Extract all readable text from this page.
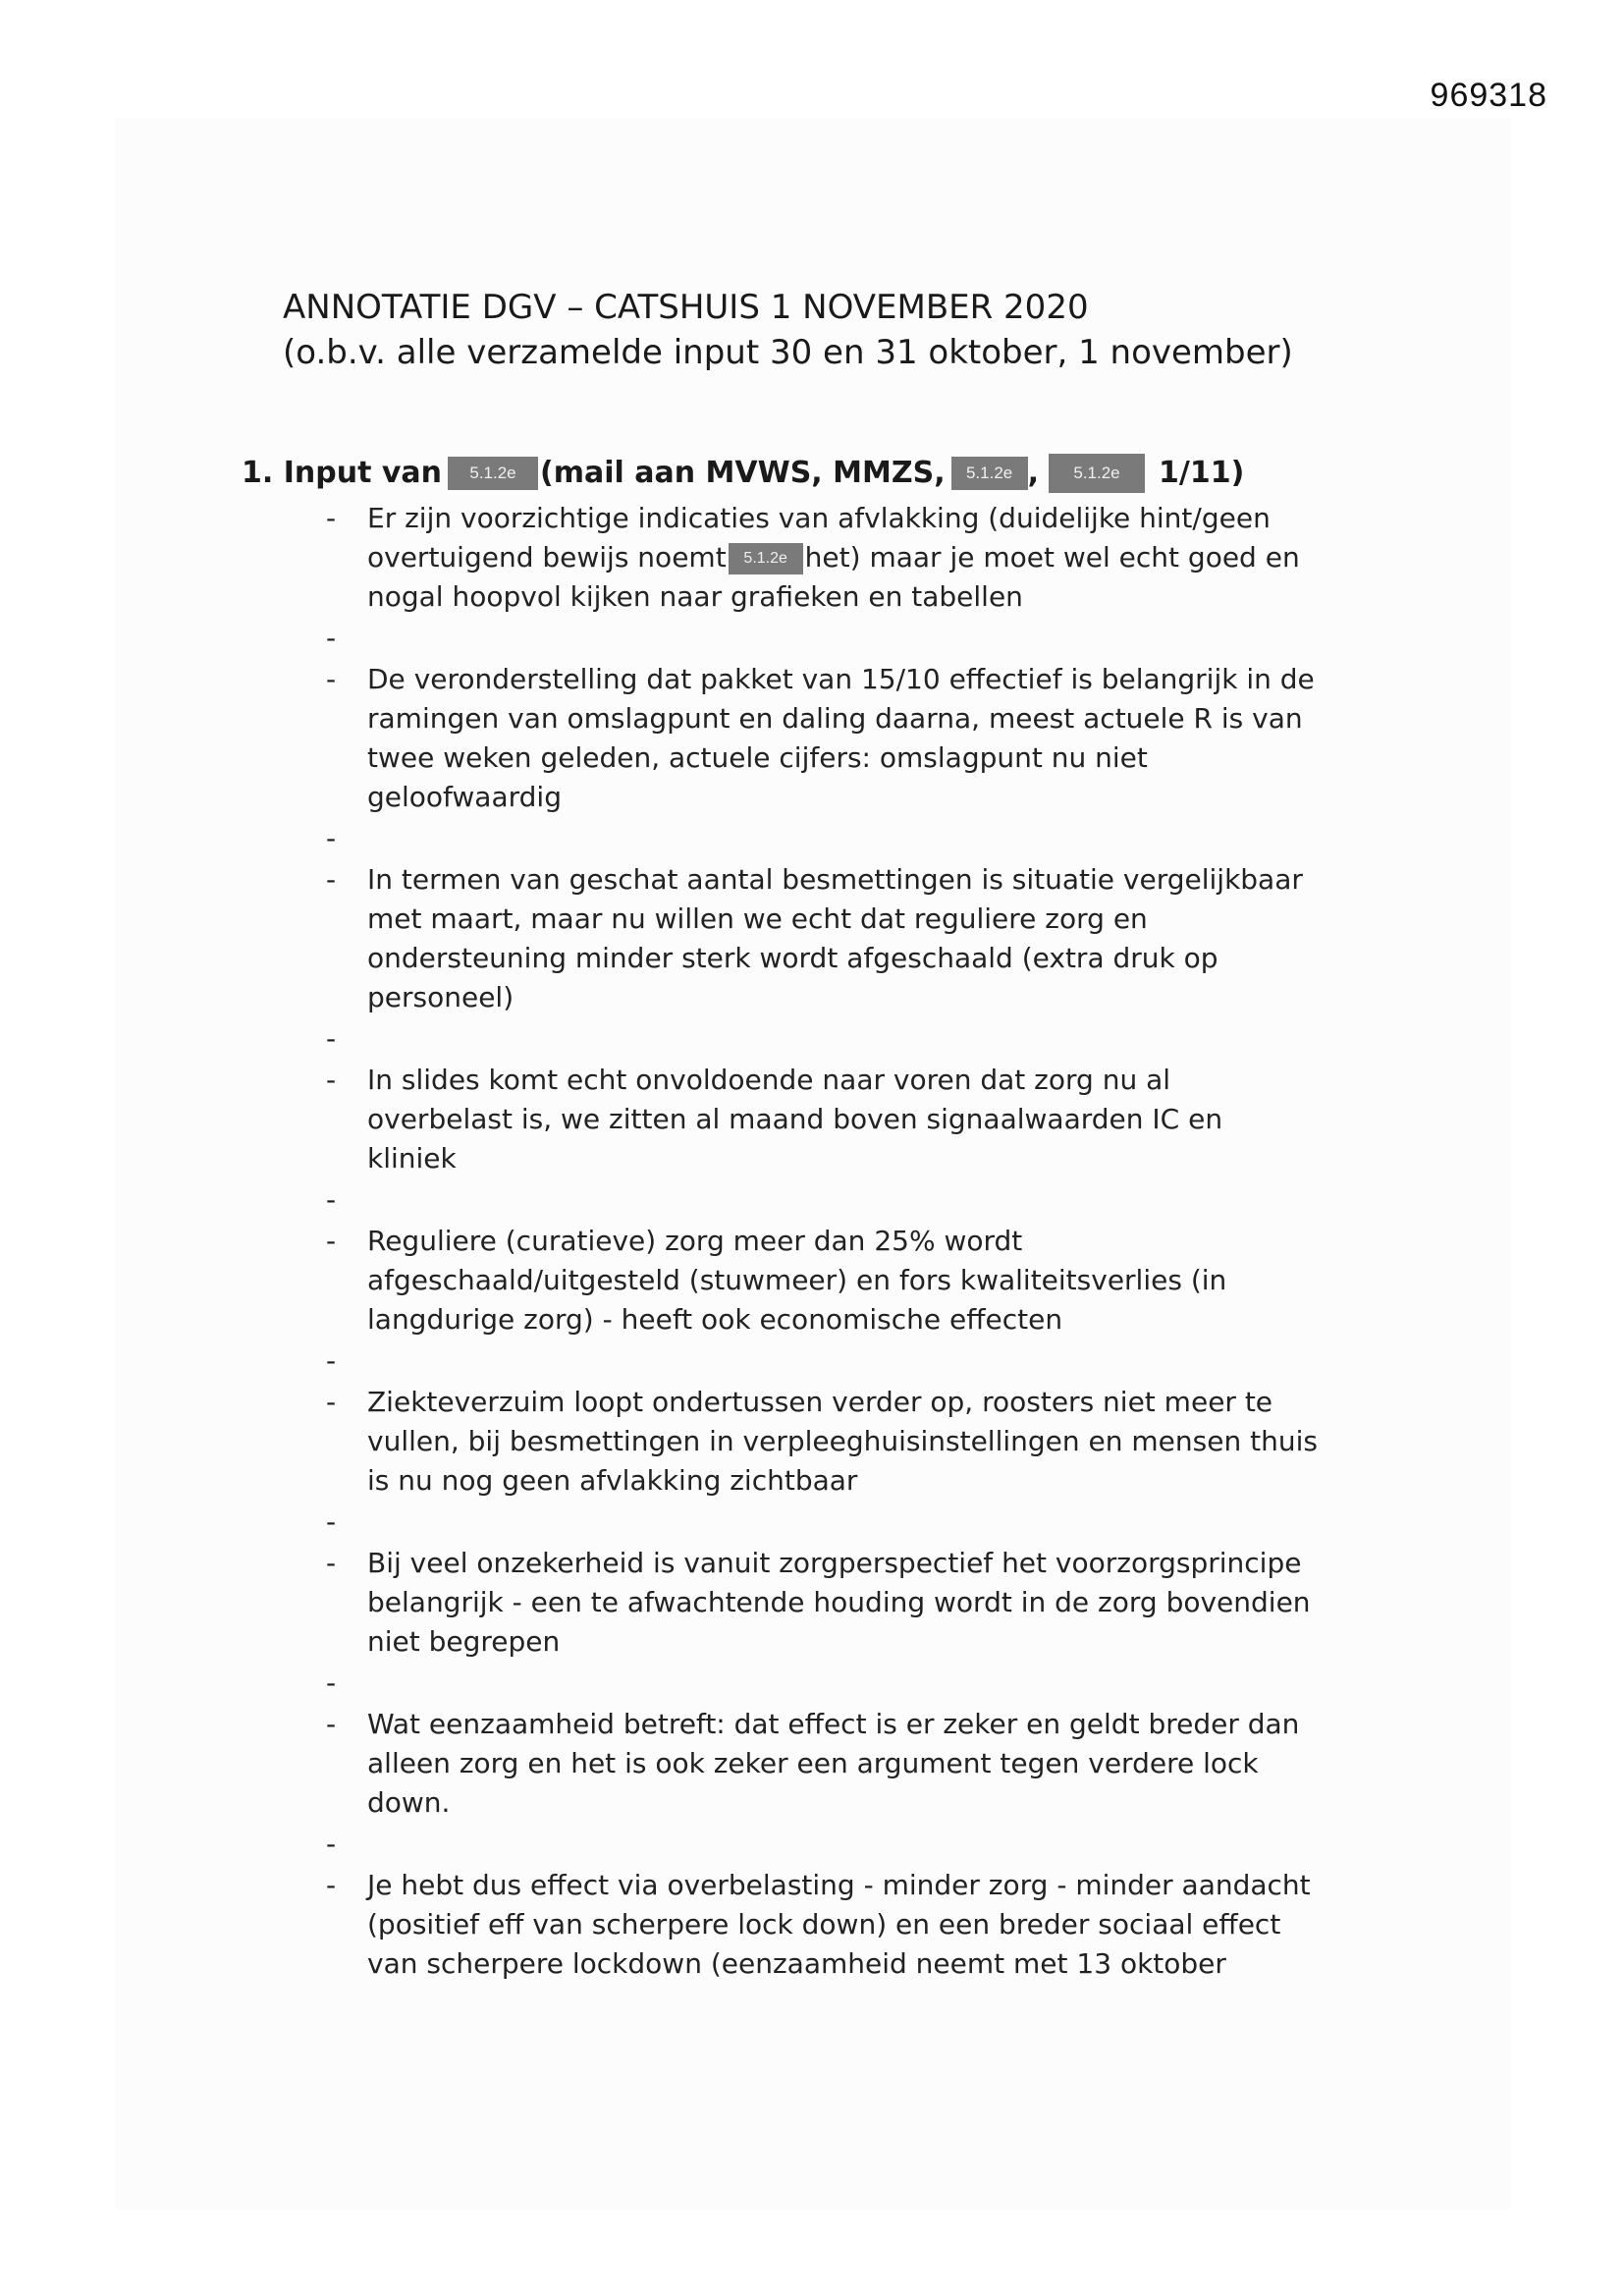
969318
ANNOTATIE DGV – CATSHUIS 1 NOVEMBER 2020
(o.b.v. alle verzamelde input 30 en 31 oktober, 1 november)
1. Input van	5.1.2e (mail aan MVWS, MMZS,	5.1.2e ,	5.1.2e	1/11)
- Er zijn voorzichtige indicaties van afvlakking (duidelijke hint/geen
overtuigend bewijs noemt 5.1.2e het) maar je moet wel echt goed en
nogal hoopvol kijken naar grafieken en tabellen
-
- De veronderstelling dat pakket van 15/10 effectief is belangrijk in de
ramingen van omslagpunt en daling daarna, meest actuele R is van
twee weken geleden, actuele cijfers: omslagpunt nu niet
geloofwaardig
-
- In termen van geschat aantal besmettingen is situatie vergelijkbaar
met maart, maar nu willen we echt dat reguliere zorg en
ondersteuning minder sterk wordt afgeschaald (extra druk op
personeel)
-
- In slides komt echt onvoldoende naar voren dat zorg nu al
overbelast is, we zitten al maand boven signaalwaarden IC en
kliniek
-
- Reguliere (curatieve) zorg meer dan 25% wordt
afgeschaald/uitgesteld (stuwmeer) en fors kwaliteitsverlies (in
langdurige zorg) - heeft ook economische effecten
-
- Ziekteverzuim loopt ondertussen verder op, roosters niet meer te
vullen, bij besmettingen in verpleeghuisinstellingen en mensen thuis
is nu nog geen afvlakking zichtbaar
-
- Bij veel onzekerheid is vanuit zorgperspectief het voorzorgsprincipe
belangrijk - een te afwachtende houding wordt in de zorg bovendien
niet begrepen
-
- Wat eenzaamheid betreft: dat effect is er zeker en geldt breder dan
alleen zorg en het is ook zeker een argument tegen verdere lock
down.
-
- Je hebt dus effect via overbelasting - minder zorg - minder aandacht
(positief eff van scherpere lock down) en een breder sociaal effect
van scherpere lockdown (eenzaamheid neemt met 13 oktober
